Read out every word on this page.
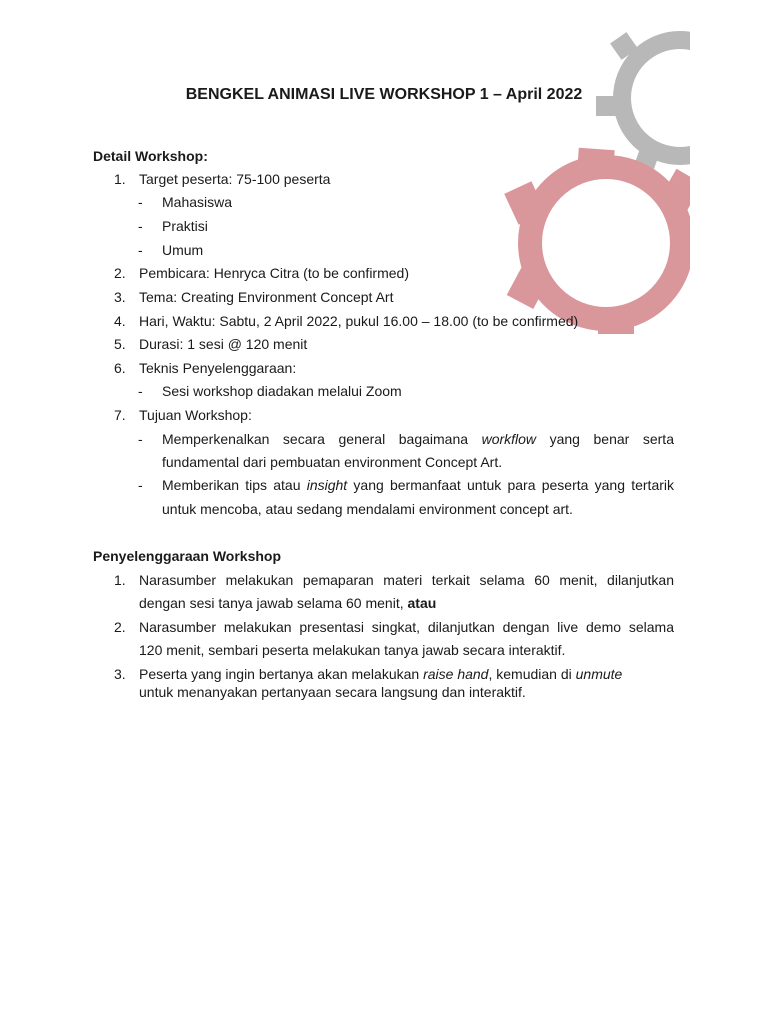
BENGKEL ANIMASI LIVE WORKSHOP 1 – April 2022
Detail Workshop:
1. Target peserta: 75-100 peserta
- Mahasiswa
- Praktisi
- Umum
2. Pembicara: Henryca Citra (to be confirmed)
3. Tema: Creating Environment Concept Art
4. Hari, Waktu: Sabtu, 2 April 2022, pukul 16.00 – 18.00 (to be confirmed)
5. Durasi: 1 sesi @ 120 menit
6. Teknis Penyelenggaraan:
- Sesi workshop diadakan melalui Zoom
7. Tujuan Workshop:
- Memperkenalkan secara general bagaimana workflow yang benar serta
fundamental dari pembuatan environment Concept Art.
- Memberikan tips atau insight yang bermanfaat untuk para peserta yang tertarik
untuk mencoba, atau sedang mendalami environment concept art.
Penyelenggaraan Workshop
1. Narasumber melakukan pemaparan materi terkait selama 60 menit, dilanjutkan
dengan sesi tanya jawab selama 60 menit, atau
2. Narasumber melakukan presentasi singkat, dilanjutkan dengan live demo selama
120 menit, sembari peserta melakukan tanya jawab secara interaktif.
3. Peserta yang ingin bertanya akan melakukan raise hand, kemudian di unmute
untuk menanyakan pertanyaan secara langsung dan interaktif.
